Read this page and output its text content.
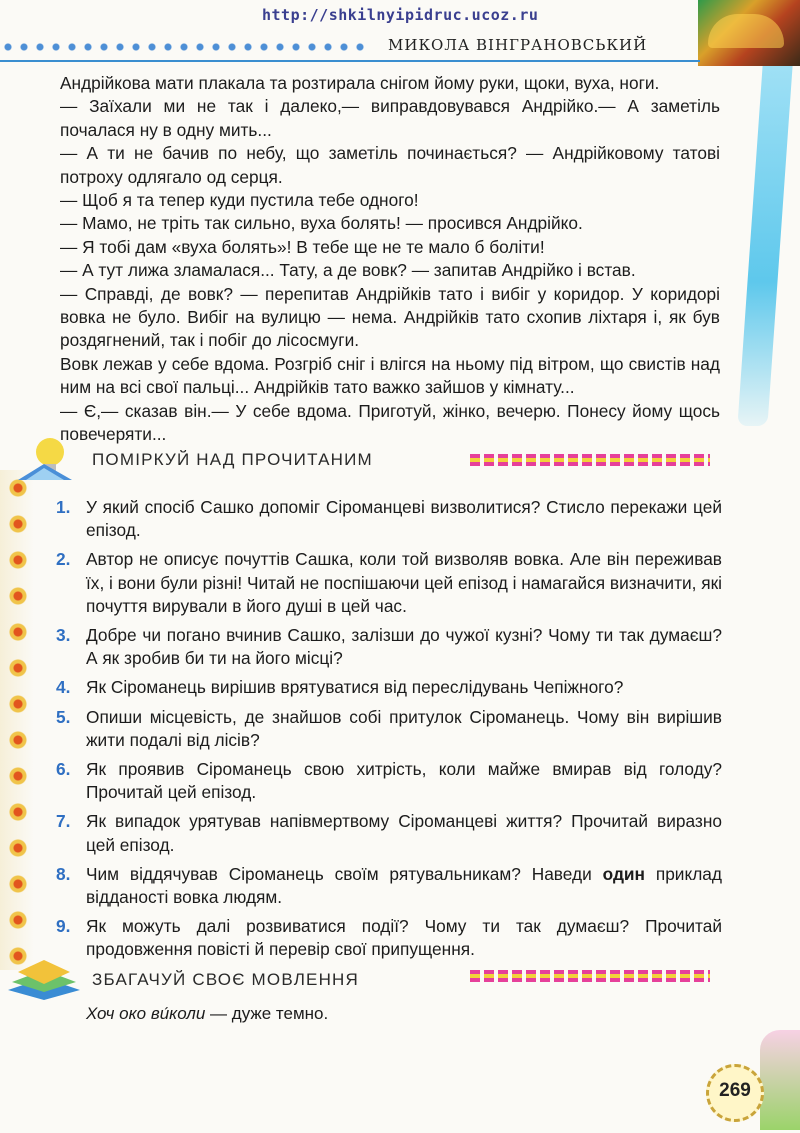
http://shkilnyipidruc.ucoz.ru
МИКОЛА ВІНГРАНОВСЬКИЙ

Андрійкова мати плакала та розтирала снігом йому руки, щоки, вуха, ноги.

— Заїхали ми не так і далеко,— виправдовувався Андрійко.— А заметіль почалася ну в одну мить...

— А ти не бачив по небу, що заметіль починається? — Андрійковому татові потроху одлягало од серця.

— Щоб я та тепер куди пустила тебе одного!

— Мамо, не тріть так сильно, вуха болять! — просився Андрійко.

— Я тобі дам «вуха болять»! В тебе ще не те мало б боліти!

— А тут лижа зламалася... Тату, а де вовк? — запитав Андрійко і встав.

— Справді, де вовк? — перепитав Андрійків тато і вибіг у коридор. У коридорі вовка не було. Вибіг на вулицю — нема. Андрійків тато схопив ліхтаря і, як був роздягнений, так і побіг до лісосмуги.

Вовк лежав у себе вдома. Розгріб сніг і влігся на ньому під вітром, що свистів над ним на всі свої пальці... Андрійків тато важко зайшов у кімнату...

— Є,— сказав він.— У себе вдома. Приготуй, жінко, вечерю. Понесу йому щось повечеряти...

ПОМІРКУЙ НАД ПРОЧИТАНИМ
1. У який спосіб Сашко допоміг Сіроманцеві визволитися? Стисло перекажи цей епізод.
2. Автор не описує почуттів Сашка, коли той визволяв вовка. Але він переживав їх, і вони були різні! Читай не поспішаючи цей епізод і намагайся визначити, які почуття вирували в його душі в цей час.
3. Добре чи погано вчинив Сашко, залізши до чужої кузні? Чому ти так думаєш? А як зробив би ти на його місці?
4. Як Сіроманець вирішив врятуватися від переслідувань Чепіжного?
5. Опиши місцевість, де знайшов собі притулок Сіроманець. Чому він вирішив жити подалі від лісів?
6. Як проявив Сіроманець свою хитрість, коли майже вмирав від голоду? Прочитай цей епізод.
7. Як випадок урятував напівмертвому Сіроманцеві життя? Прочитай виразно цей епізод.
8. Чим віддячував Сіроманець своїм рятувальникам? Наведи один приклад відданості вовка людям.
9. Як можуть далі розвиватися події? Чому ти так думаєш? Прочитай продовження повісті й перевір свої припущення.
ЗБАГАЧУЙ СВОЄ МОВЛЕННЯ
Хоч око ви́коли — дуже темно.
269
